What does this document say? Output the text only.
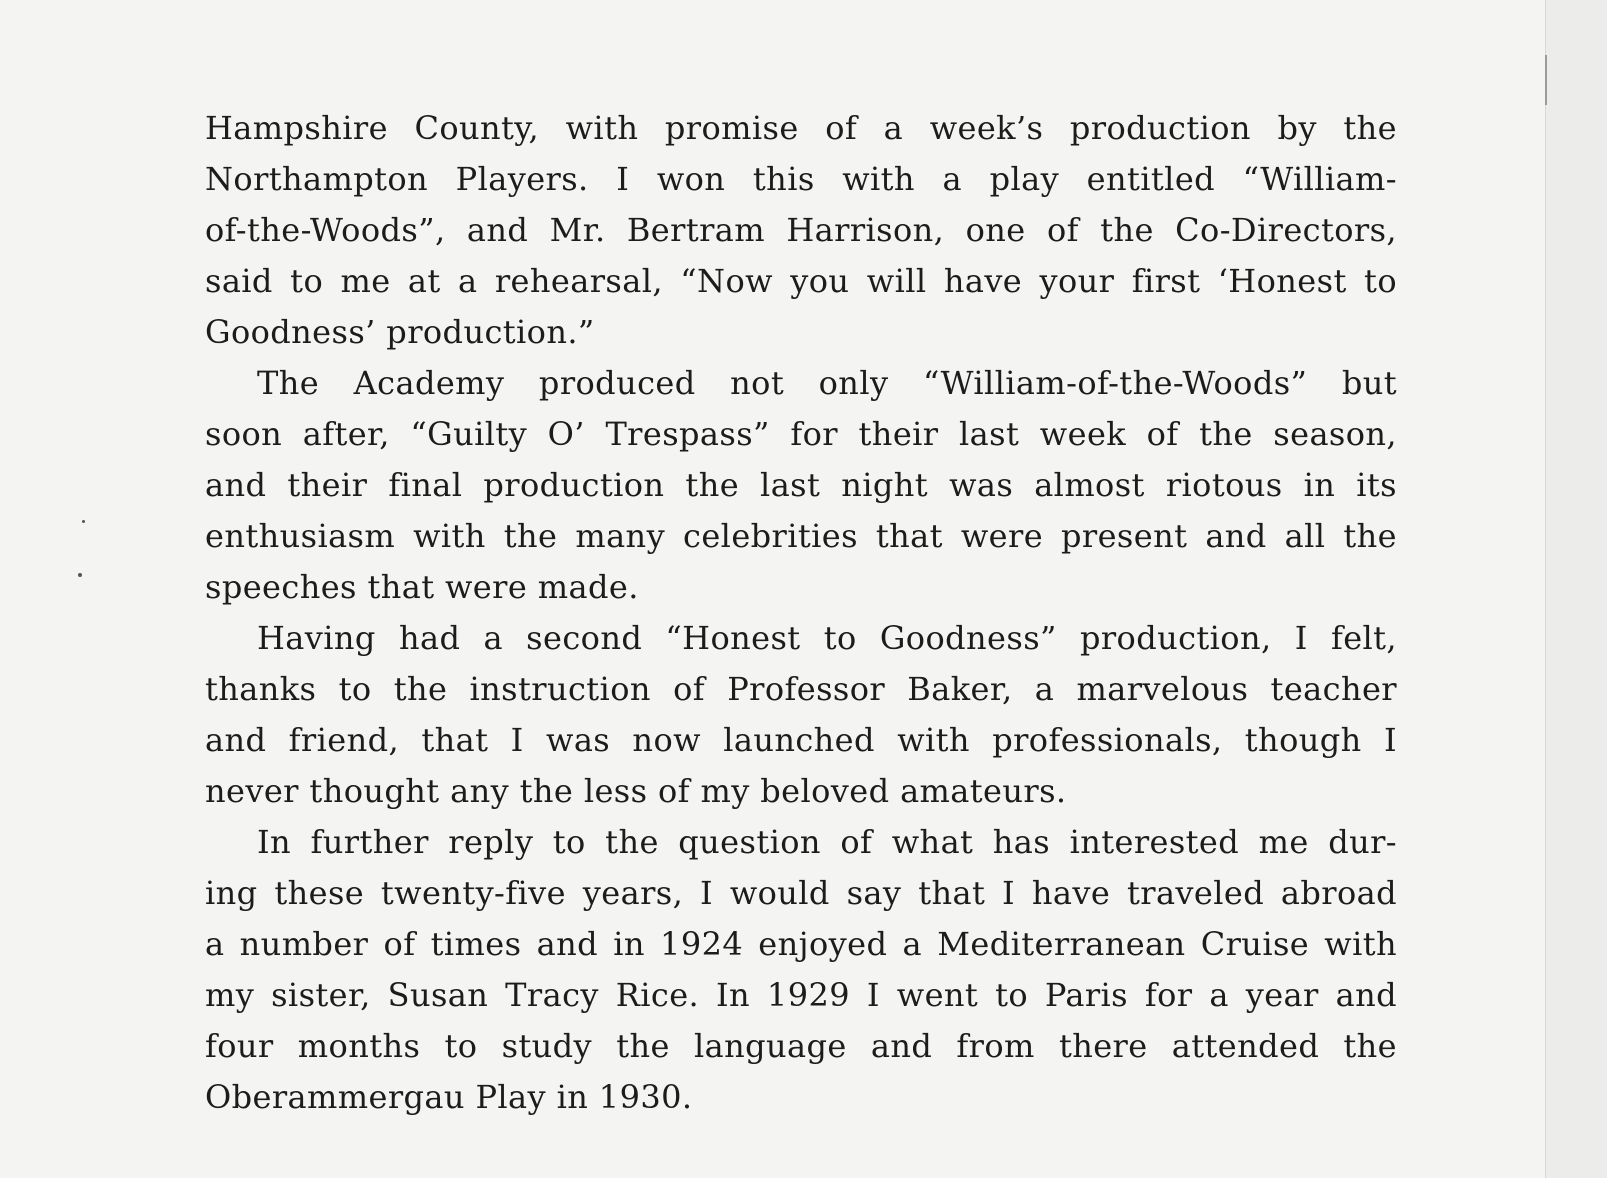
Hampshire County, with promise of a week’s production by the
Northampton Players. I won this with a play entitled “William-
of-the-Woods”, and Mr. Bertram Harrison, one of the Co-Directors,
said to me at a rehearsal, “Now you will have your first ‘Honest to
Goodness’ production.”

The Academy produced not only “William-of-the-Woods” but
soon after, “Guilty O’ Trespass” for their last week of the season,
and their final production the last night was almost riotous in its
enthusiasm with the many celebrities that were present and all the
speeches that were made.

Having had a second “Honest to Goodness” production, I felt,
thanks to the instruction of Professor Baker, a marvelous teacher
and friend, that I was now launched with professionals, though I
never thought any the less of my beloved amateurs.

In further reply to the question of what has interested me dur-
ing these twenty-five years, I would say that I have traveled abroad
a number of times and in 1924 enjoyed a Mediterranean Cruise with
my sister, Susan Tracy Rice. In 1929 I went to Paris for a year and
four months to study the language and from there attended the
Oberammergau Play in 1930.
